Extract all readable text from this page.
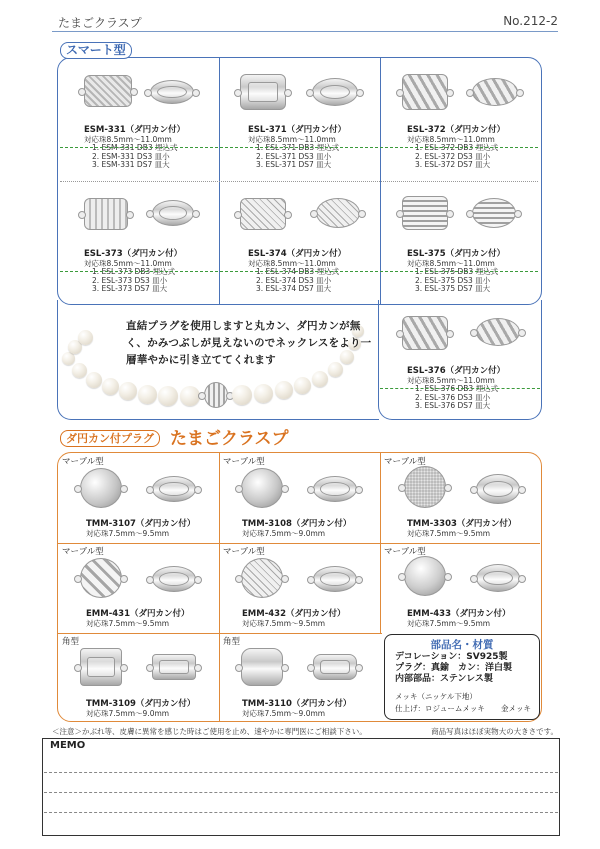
たまごクラスプ	No.212-2
スマート型
ESM-331（ダ円カン付）
対応珠8.5mm～11.0mm
1. ESM-331 DB3 埋込式
2. ESM-331 DS3 皿小
3. ESM-331 DS7 皿大
ESL-371（ダ円カン付）
対応珠8.5mm～11.0mm
1. ESL-371 DB3 埋込式
2. ESL-371 DS3 皿小
3. ESL-371 DS7 皿大
ESL-372（ダ円カン付）
対応珠8.5mm～11.0mm
1. ESL-372 DB3 埋込式
2. ESL-372 DS3 皿小
3. ESL-372 DS7 皿大
ESL-373（ダ円カン付）
対応珠8.5mm～11.0mm
1. ESL-373 DB3 埋込式
2. ESL-373 DS3 皿小
3. ESL-373 DS7 皿大
ESL-374（ダ円カン付）
対応珠8.5mm～11.0mm
1. ESL-374 DB3 埋込式
2. ESL-374 DS3 皿小
3. ESL-374 DS7 皿大
ESL-375（ダ円カン付）
対応珠8.5mm～11.0mm
1. ESL-375 DB3 埋込式
2. ESL-375 DS3 皿小
3. ESL-375 DS7 皿大
直結プラグを使用しますと丸カン、ダ円カンが無く、かみつぶしが見えないのでネックレスをより一層華やかに引き立ててくれます
ESL-376（ダ円カン付）
対応珠8.5mm～11.0mm
1. ESL-376 DB3 埋込式
2. ESL-376 DS3 皿小
3. ESL-376 DS7 皿大
ダ円カン付プラグ たまごクラスプ
マーブル型	マーブル型	マーブル型
TMM-3107（ダ円カン付）
対応珠7.5mm～9.5mm
TMM-3108（ダ円カン付）
対応珠7.5mm～9.0mm
TMM-3303（ダ円カン付）
対応珠7.5mm～9.5mm
マーブル型	マーブル型	マーブル型
EMM-431（ダ円カン付）
対応珠7.5mm～9.5mm
EMM-432（ダ円カン付）
対応珠7.5mm～9.5mm
EMM-433（ダ円カン付）
対応珠7.5mm～9.5mm
角型	角型
TMM-3109（ダ円カン付）
対応珠7.5mm～9.0mm
TMM-3110（ダ円カン付）
対応珠7.5mm～9.0mm
部品名・材質
デコレーション：SV925製
プラグ：真鍮　カン：洋白製
内部部品：ステンレス製
メッキ（ニッケル下地）
仕上げ：ロジュームメッキ 金メッキ
＜注意＞かぶれ等、皮膚に異常を感じた時はご使用を止め、速やかに専門医にご相談下さい。	商品写真はほぼ実物大の大きさです。
MEMO
